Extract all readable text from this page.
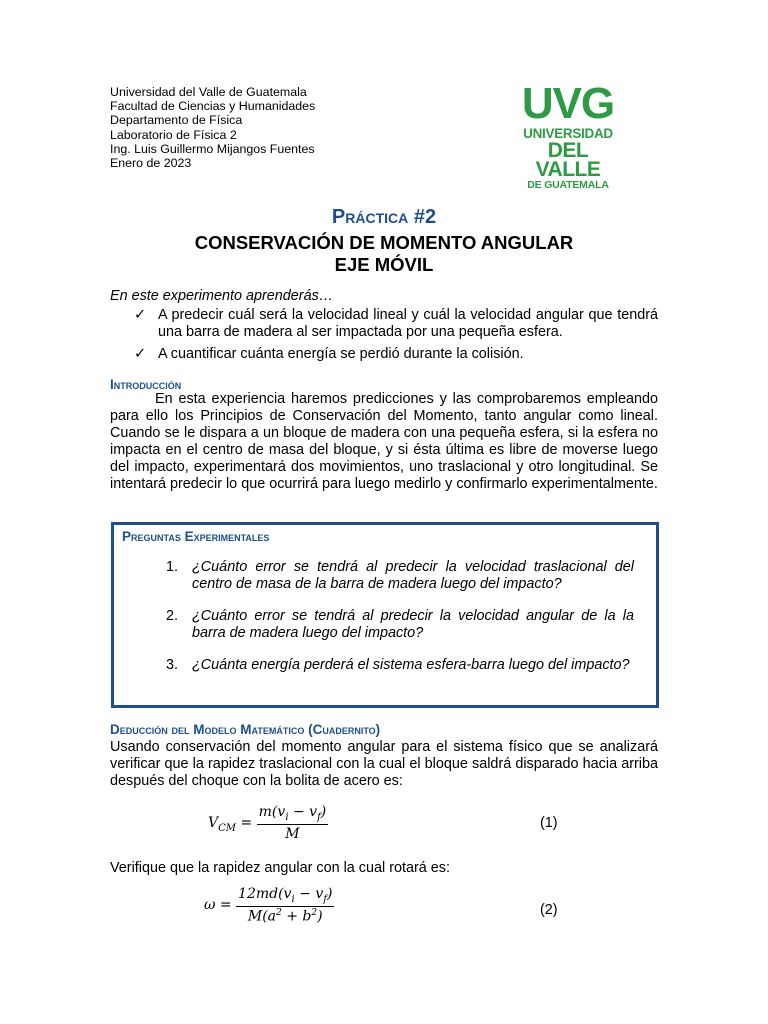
Universidad del Valle de Guatemala
Facultad de Ciencias y Humanidades
Departamento de Física
Laboratorio de Física 2
Ing. Luis Guillermo Mijangos Fuentes
Enero de 2023
UVG
UNIVERSIDAD
DEL VALLE
DE GUATEMALA
Práctica #2
CONSERVACIÓN DE MOMENTO ANGULAR
EJE MÓVIL
En este experimento aprenderás…
✓ A predecir cuál será la velocidad lineal y cuál la velocidad angular que tendrá una barra de madera al ser impactada por una pequeña esfera.
✓ A cuantificar cuánta energía se perdió durante la colisión.
Introducción

En esta experiencia haremos predicciones y las comprobaremos empleando para ello los Principios de Conservación del Momento, tanto angular como lineal. Cuando se le dispara a un bloque de madera con una pequeña esfera, si la esfera no impacta en el centro de masa del bloque, y si ésta última es libre de moverse luego del impacto, experimentará dos movimientos, uno traslacional y otro longitudinal. Se intentará predecir lo que ocurrirá para luego medirlo y confirmarlo experimentalmente.

Preguntas Experimentales
1. ¿Cuánto error se tendrá al predecir la velocidad traslacional del centro de masa de la barra de madera luego del impacto?
2. ¿Cuánto error se tendrá al predecir la velocidad angular de la la barra de madera luego del impacto?
3. ¿Cuánta energía perderá el sistema esfera-barra luego del impacto?
Deducción del Modelo Matemático (Cuadernito)
Usando conservación del momento angular para el sistema físico que se analizará verificar que la rapidez traslacional con la cual el bloque saldrá disparado hacia arriba después del choque con la bolita de acero es:
$V_{CM} = \frac{m(v_i - v_f)}{M}$	(1)
Verifique que la rapidez angular con la cual rotará es:
$\omega = \frac{12md(v_i - v_f)}{M(a^2 + b^2)}$	(2)
